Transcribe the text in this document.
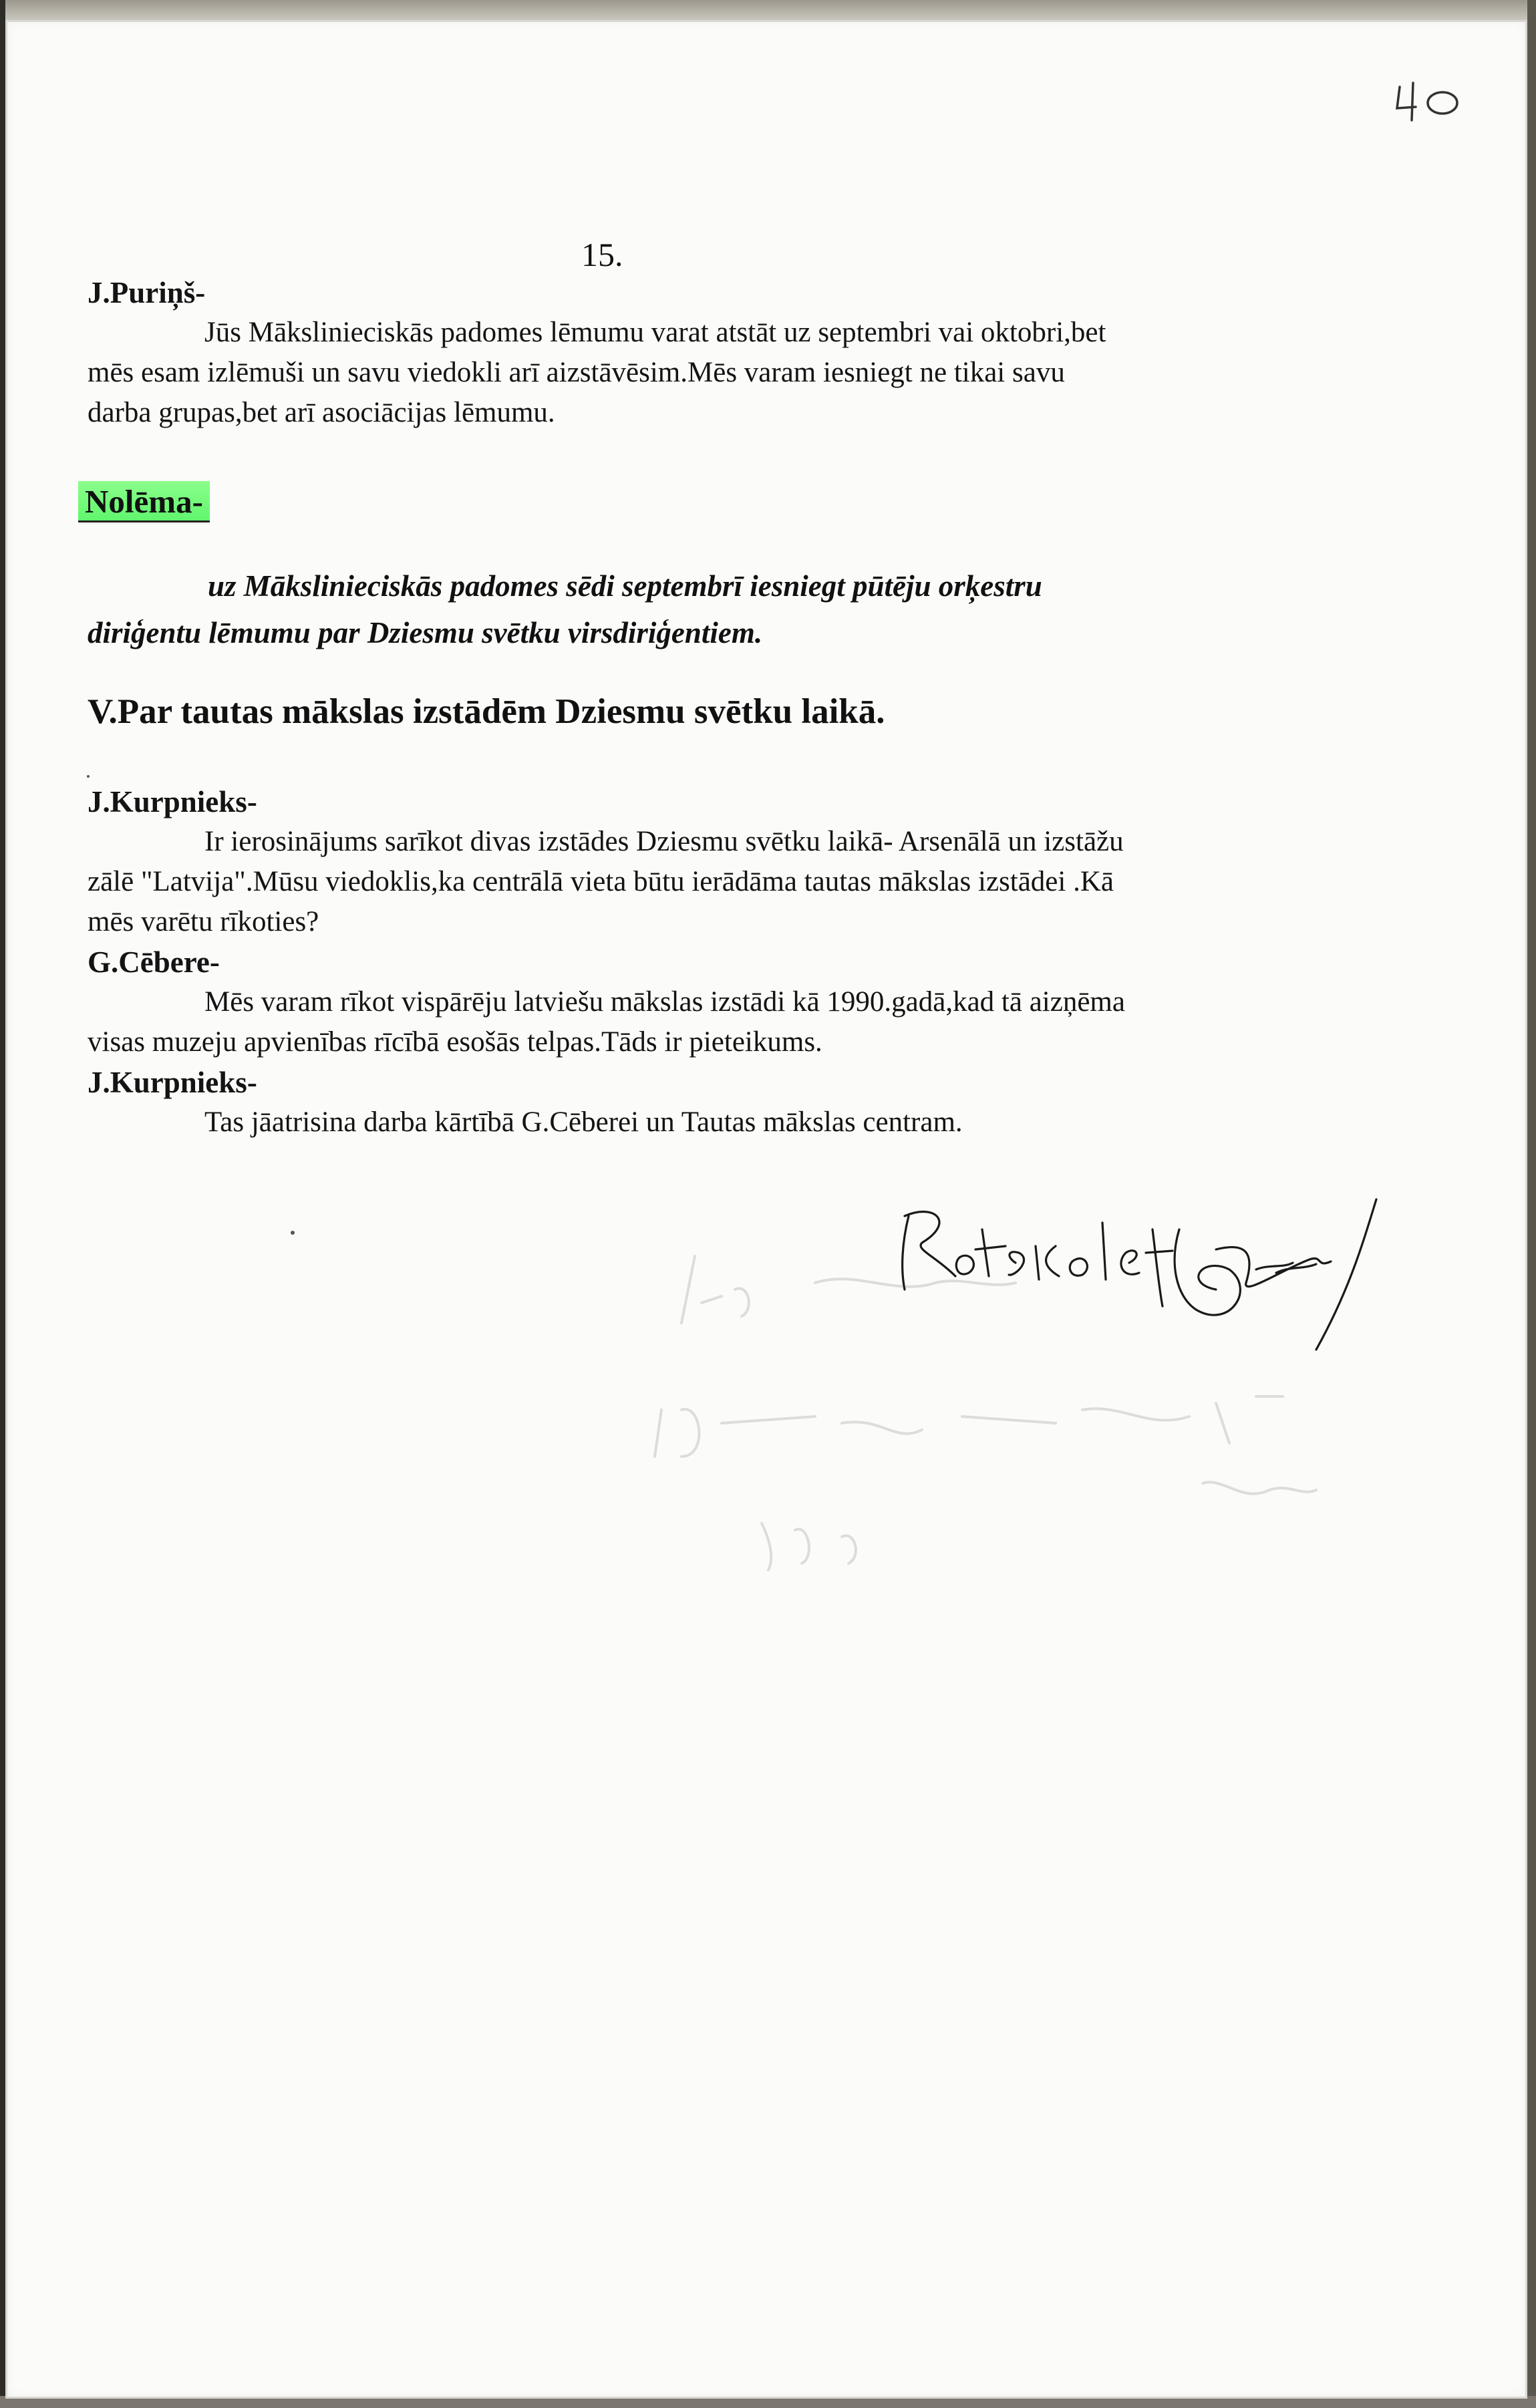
15.
J.Puriņš-
Jūs Mākslinieciskās padomes lēmumu varat atstāt uz septembri vai oktobri,bet
mēs esam izlēmuši un savu viedokli arī aizstāvēsim.Mēs varam iesniegt ne tikai savu
darba grupas,bet arī asociācijas lēmumu.
Nolēma-
uz Mākslinieciskās padomes sēdi septembrī iesniegt pūtēju orķestru
diriģentu lēmumu par Dziesmu svētku virsdiriģentiem.
V.Par tautas mākslas izstādēm Dziesmu svētku laikā.
J.Kurpnieks-
Ir ierosinājums sarīkot divas izstādes Dziesmu svētku laikā- Arsenālā un izstāžu
zālē "Latvija".Mūsu viedoklis,ka centrālā vieta būtu ierādāma tautas mākslas izstādei .Kā
mēs varētu rīkoties?
G.Cēbere-
Mēs varam rīkot vispārēju latviešu mākslas izstādi kā 1990.gadā,kad tā aizņēma
visas muzeju apvienības rīcībā esošās telpas.Tāds ir pieteikums.
J.Kurpnieks-
Tas jāatrisina darba kārtībā G.Cēberei un Tautas mākslas centram.
